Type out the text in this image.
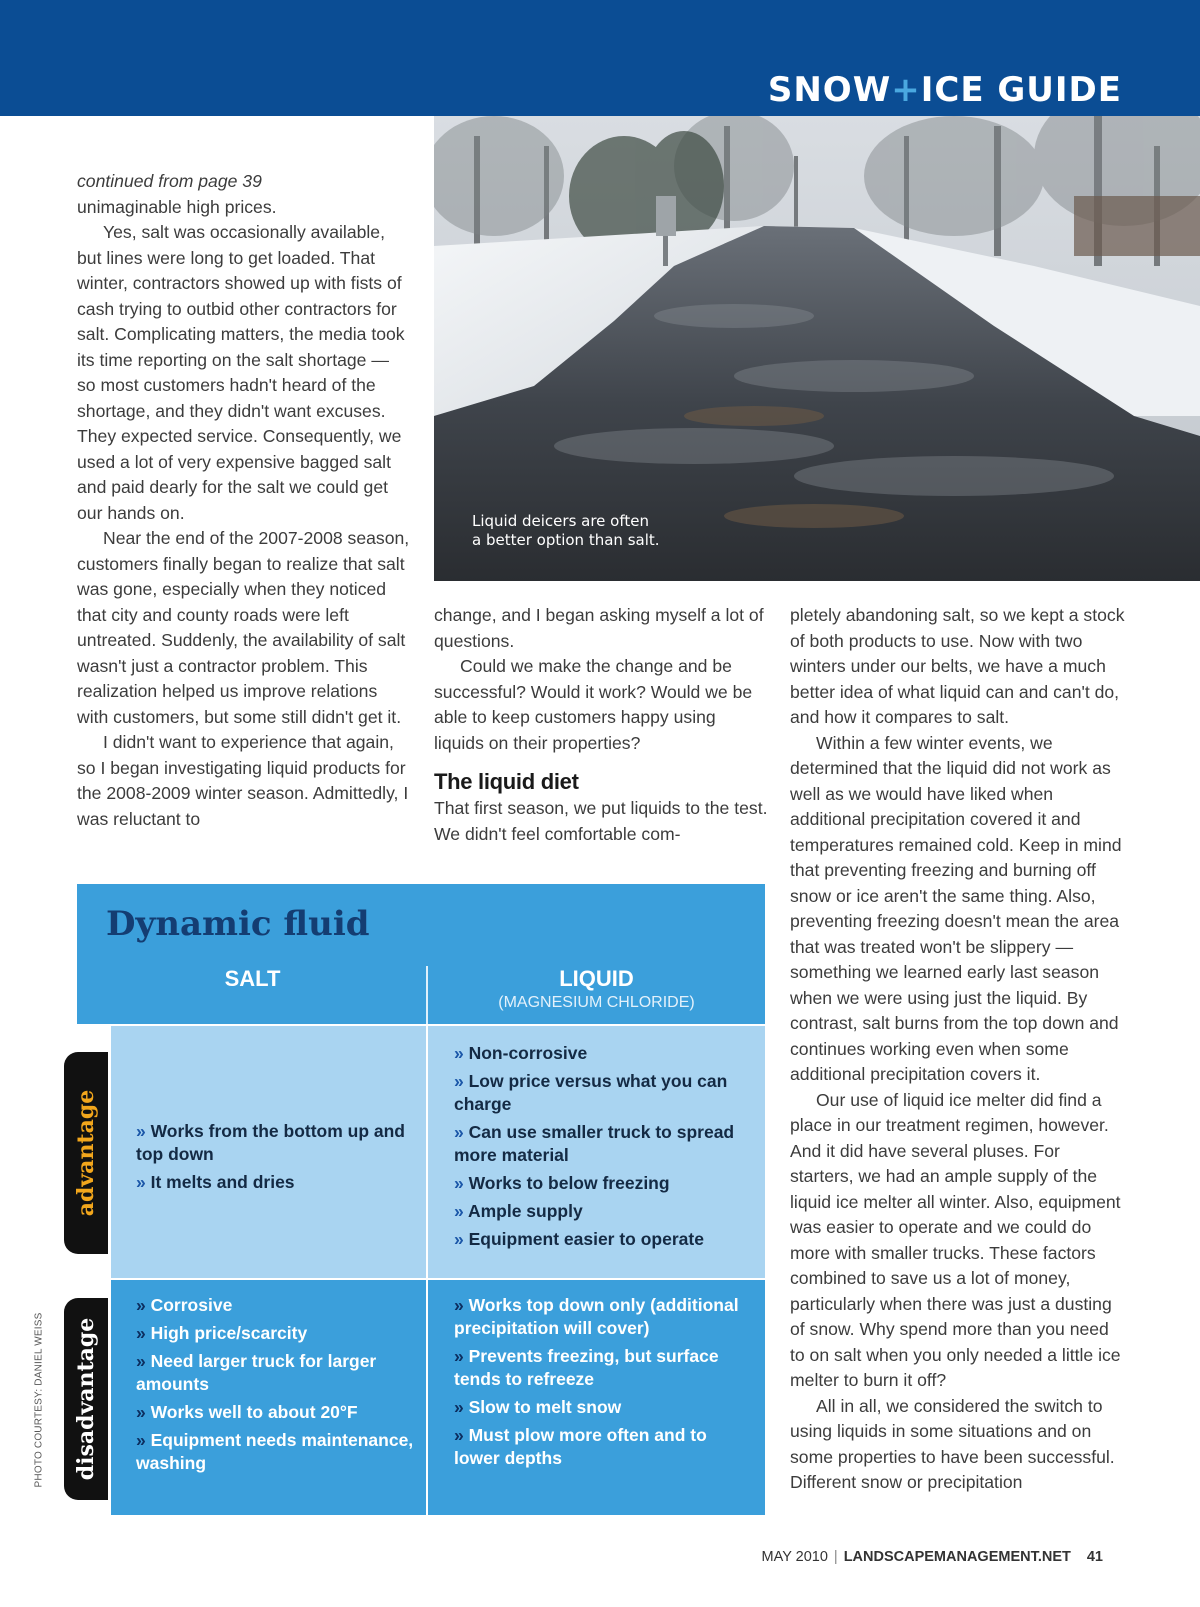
SNOW+ICE GUIDE
Liquid deicers are often
a better option than salt.

continued from page 39

unimaginable high prices.

Yes, salt was occasionally available, but lines were long to get loaded. That winter, contractors showed up with fists of cash trying to outbid other contractors for salt. Complicating matters, the media took its time reporting on the salt shortage — so most customers hadn't heard of the shortage, and they didn't want excuses. They expected service. Consequently, we used a lot of very expensive bagged salt and paid dearly for the salt we could get our hands on.

Near the end of the 2007-2008 season, customers finally began to realize that salt was gone, especially when they noticed that city and county roads were left untreated. Suddenly, the availability of salt wasn't just a contractor problem. This realization helped us improve relations with customers, but some still didn't get it.

I didn't want to experience that again, so I began investigating liquid products for the 2008-2009 winter season. Admittedly, I was reluctant to

change, and I began asking myself a lot of questions.

Could we make the change and be successful? Would it work? Would we be able to keep customers happy using liquids on their properties?

The liquid diet

That first season, we put liquids to the test. We didn't feel comfortable com-

pletely abandoning salt, so we kept a stock of both products to use. Now with two winters under our belts, we have a much better idea of what liquid can and can't do, and how it compares to salt.

Within a few winter events, we determined that the liquid did not work as well as we would have liked when additional precipitation covered it and temperatures remained cold. Keep in mind that preventing freezing and burning off snow or ice aren't the same thing. Also, preventing freezing doesn't mean the area that was treated won't be slippery — something we learned early last season when we were using just the liquid. By contrast, salt burns from the top down and continues working even when some additional precipitation covers it.

Our use of liquid ice melter did find a place in our treatment regimen, however. And it did have several pluses. For starters, we had an ample supply of the liquid ice melter all winter. Also, equipment was easier to operate and we could do more with smaller trucks. These factors combined to save us a lot of money, particularly when there was just a dusting of snow. Why spend more than you need to on salt when you only needed a little ice melter to burn it off?

All in all, we considered the switch to using liquids in some situations and on some properties to have been successful. Different snow or precipitation

Dynamic fluid
SALT	LIQUID
(MAGNESIUM CHLORIDE)
» Works from the bottom up and top down
» It melts and dries
» Non-corrosive
» Low price versus what you can charge
» Can use smaller truck to spread more material
» Works to below freezing
» Ample supply
» Equipment easier to operate
» Corrosive
» High price/scarcity
» Need larger truck for larger amounts
» Works well to about 20°F
» Equipment needs maintenance, washing
» Works top down only (additional precipitation will cover)
» Prevents freezing, but surface tends to refreeze
» Slow to melt snow
» Must plow more often and to lower depths
advantage
disadvantage
PHOTO COURTESY: DANIEL WEISS
MAY 2010 | LANDSCAPEMANAGEMENT.NET 41
